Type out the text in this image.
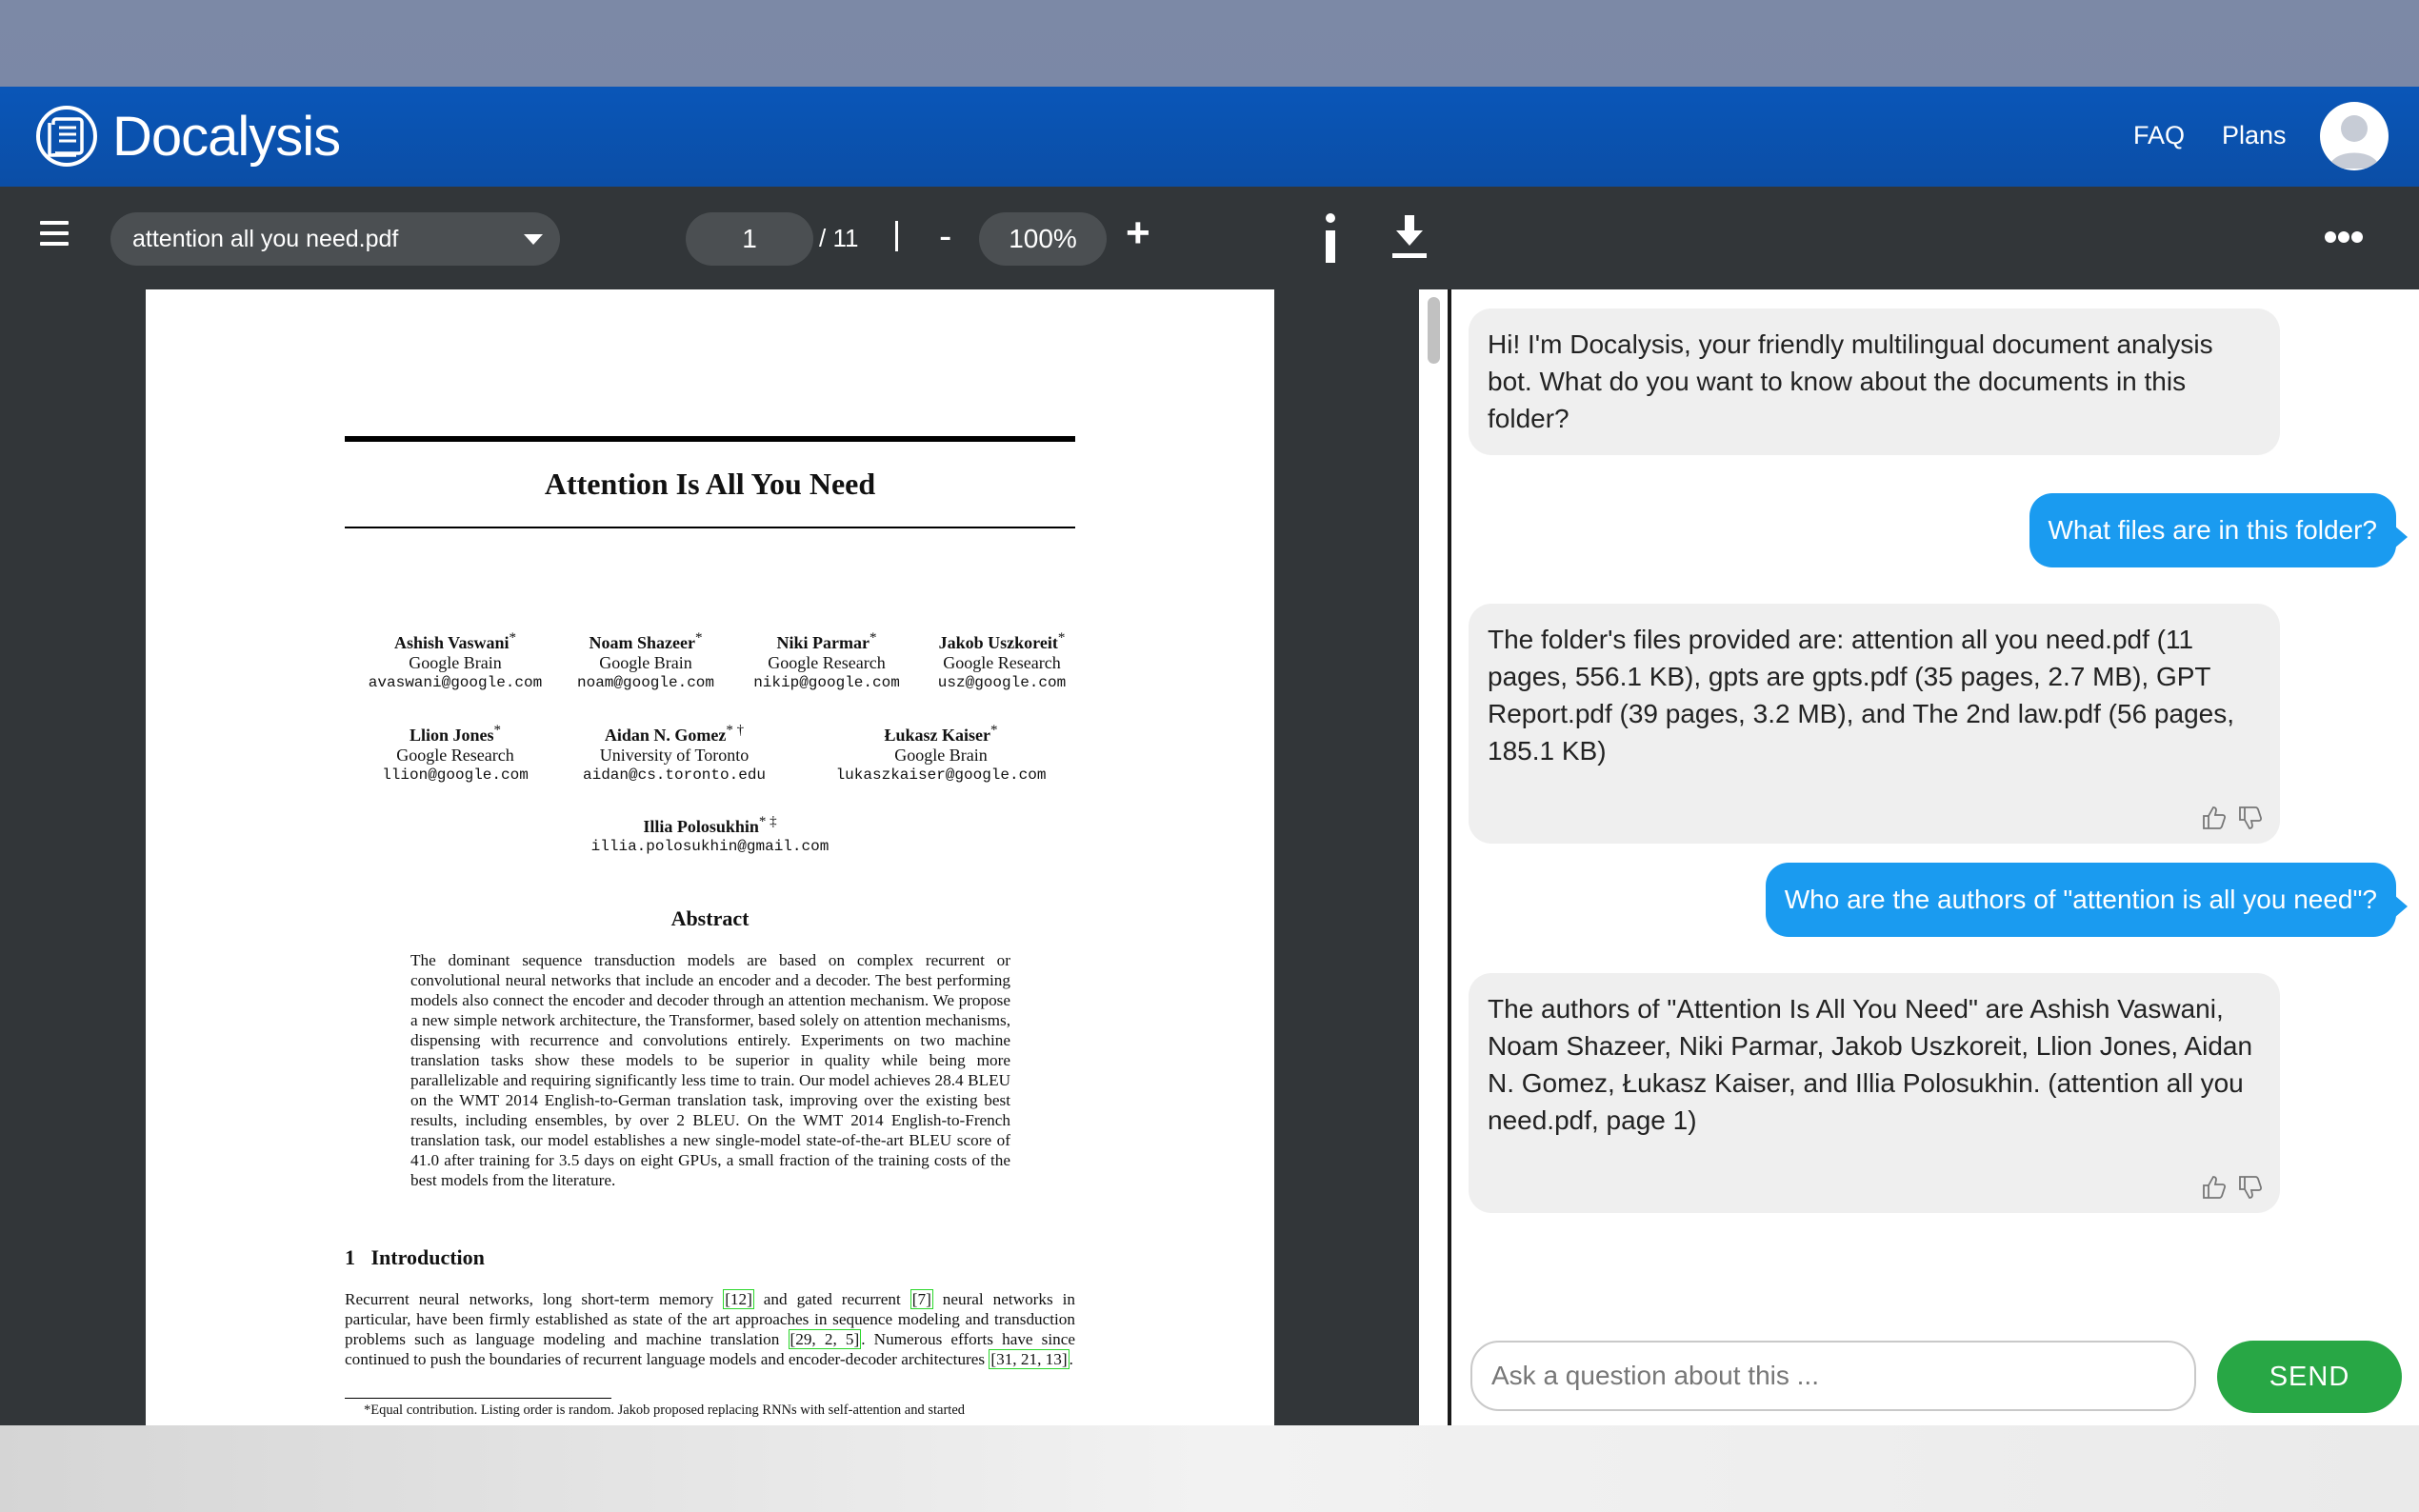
Docalysis	FAQ Plans
attention all you need.pdf	1	/ 11 -	100%	+
Attention Is All You Need
Ashish Vaswani*
Google Brain
avaswani@google.com
Noam Shazeer*
Google Brain
noam@google.com
Niki Parmar*
Google Research
nikip@google.com
Jakob Uszkoreit*
Google Research
usz@google.com
Llion Jones*
Google Research
llion@google.com
Aidan N. Gomez* †
University of Toronto
aidan@cs.toronto.edu
Łukasz Kaiser*
Google Brain
lukaszkaiser@google.com
Illia Polosukhin* ‡
illia.polosukhin@gmail.com
Abstract
The dominant sequence transduction models are based on complex recurrent or convolutional neural networks that include an encoder and a decoder. The best performing models also connect the encoder and decoder through an attention mechanism. We propose a new simple network architecture, the Transformer, based solely on attention mechanisms, dispensing with recurrence and convolutions entirely. Experiments on two machine translation tasks show these models to be superior in quality while being more parallelizable and requiring significantly less time to train. Our model achieves 28.4 BLEU on the WMT 2014 English-to-German translation task, improving over the existing best results, including ensembles, by over 2 BLEU. On the WMT 2014 English-to-French translation task, our model establishes a new single-model state-of-the-art BLEU score of 41.0 after training for 3.5 days on eight GPUs, a small fraction of the training costs of the best models from the literature.
1 Introduction
Recurrent neural networks, long short-term memory [12] and gated recurrent [7] neural networks in particular, have been firmly established as state of the art approaches in sequence modeling and transduction problems such as language modeling and machine translation [29, 2, 5] . Numerous efforts have since continued to push the boundaries of recurrent language models and encoder-decoder architectures [31, 21, 13] .
*Equal contribution. Listing order is random. Jakob proposed replacing RNNs with self-attention and started
Hi! I'm Docalysis, your friendly multilingual document analysis bot. What do you want to know about the documents in this folder?
What files are in this folder?
The folder's files provided are: attention all you need.pdf (11 pages, 556.1 KB), gpts are gpts.pdf (35 pages, 2.7 MB), GPT Report.pdf (39 pages, 3.2 MB), and The 2nd law.pdf (56 pages, 185.1 KB)
Who are the authors of "attention is all you need"?
The authors of "Attention Is All You Need" are Ashish Vaswani, Noam Shazeer, Niki Parmar, Jakob Uszkoreit, Llion Jones, Aidan N. Gomez, Łukasz Kaiser, and Illia Polosukhin. (attention all you need.pdf, page 1)
Ask a question about this ...
SEND
